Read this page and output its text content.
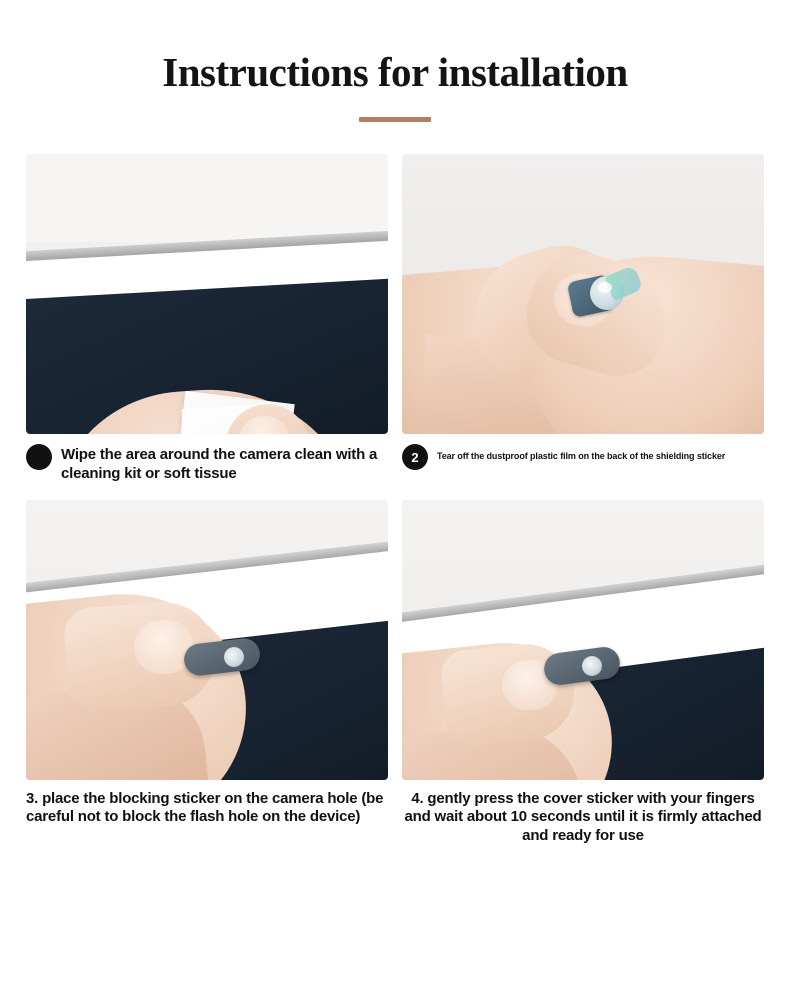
Instructions for installation
Wipe the area around the camera clean with a cleaning kit or soft tissue
2	Tear off the dustproof plastic film on the back of the shielding sticker
3. place the blocking sticker on the camera hole (be careful not to block the flash hole on the device)
4. gently press the cover sticker with your fingers and wait about 10 seconds until it is firmly attached and ready for use
